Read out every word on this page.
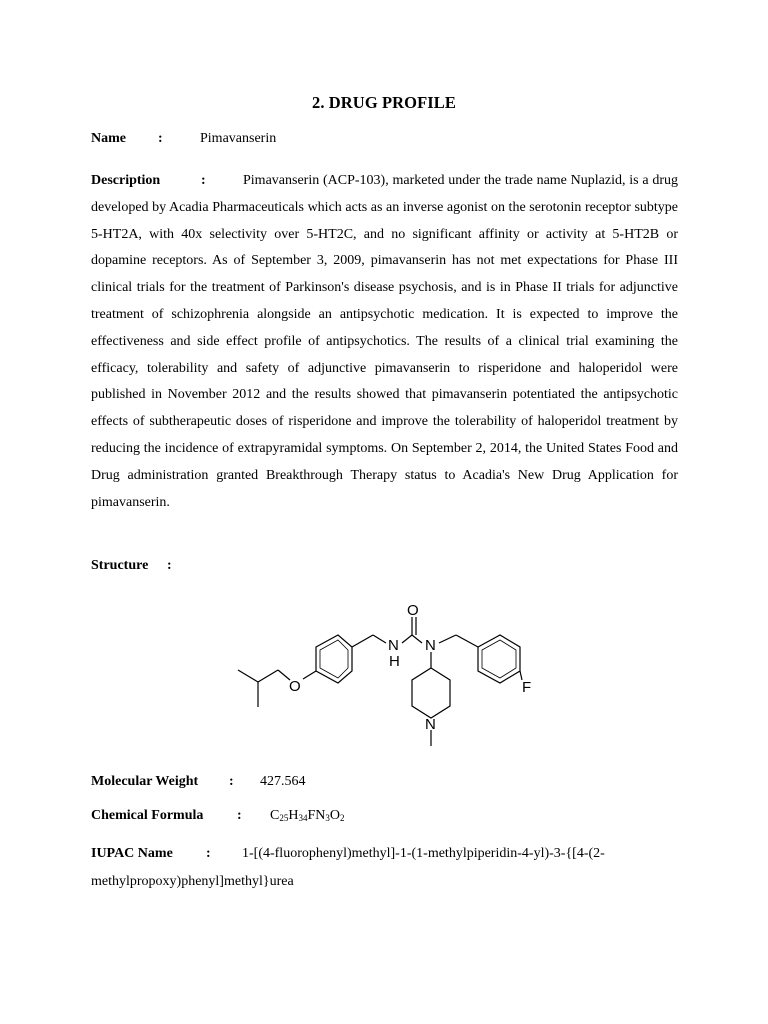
2. DRUG PROFILE
Name :	Pimavanserin
Description	:	Pimavanserin (ACP-103), marketed under the trade name Nuplazid, is a drug developed by Acadia Pharmaceuticals which acts as an inverse agonist on the serotonin receptor subtype 5-HT2A, with 40x selectivity over 5-HT2C, and no significant affinity or activity at 5-HT2B or dopamine receptors. As of September 3, 2009, pimavanserin has not met expectations for Phase III clinical trials for the treatment of Parkinson's disease psychosis, and is in Phase II trials for adjunctive treatment of schizophrenia alongside an antipsychotic medication. It is expected to improve the effectiveness and side effect profile of antipsychotics. The results of a clinical trial examining the efficacy, tolerability and safety of adjunctive pimavanserin to risperidone and haloperidol were published in November 2012 and the results showed that pimavanserin potentiated the antipsychotic effects of subtherapeutic doses of risperidone and improve the tolerability of haloperidol treatment by reducing the incidence of extrapyramidal symptoms. On September 2, 2014, the United States Food and Drug administration granted Breakthrough Therapy status to Acadia's New Drug Application for pimavanserin.
Structure :
O
N
H
N
O	F
N
Molecular Weight : 427.564
Chemical Formula : $C_{25}H_{34}FN_3O_2$
IUPAC Name : 1-[(4-fluorophenyl)methyl]-1-(1-methylpiperidin-4-yl)-3-{[4-(2-methylpropoxy)phenyl]methyl}urea
